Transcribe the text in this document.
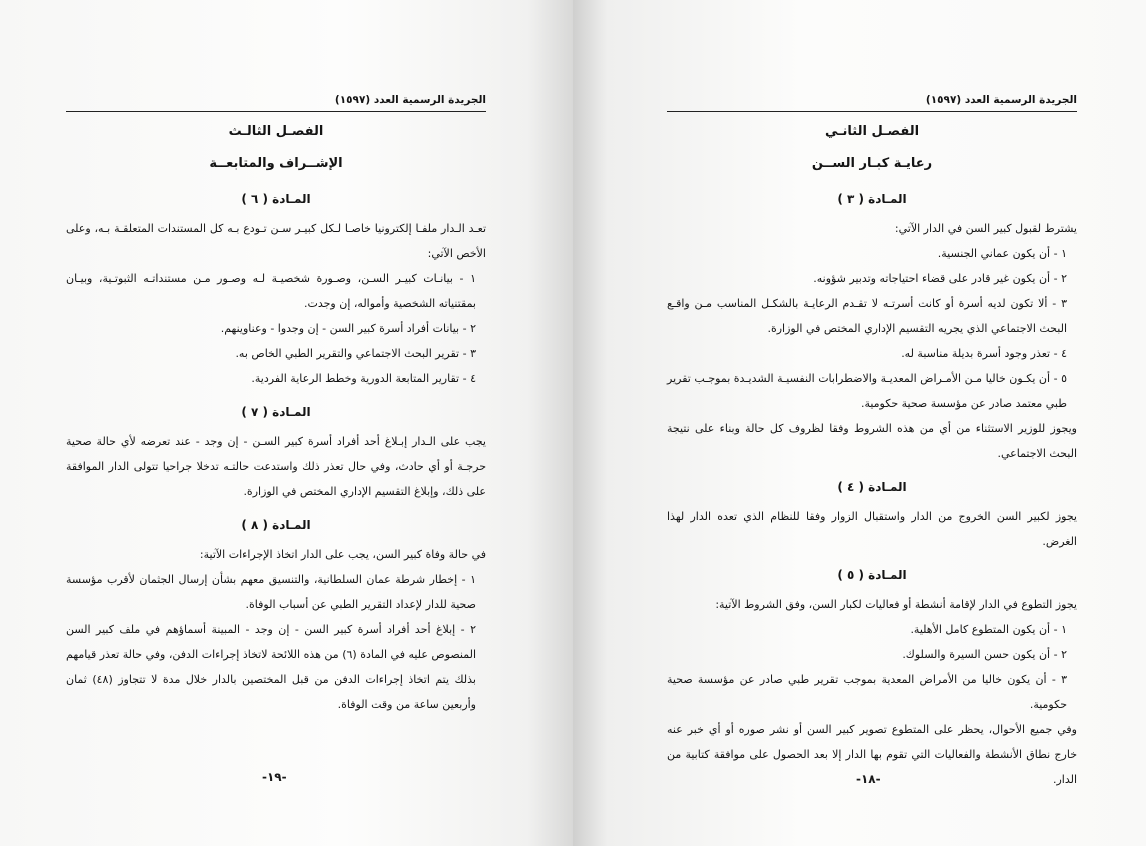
الجريدة الرسمية العدد (١٥٩٧)
الفصـل الثالـث
الإشــراف والمتابعــة
المـادة ( ٦ )

تعـد الـدار ملفـا إلكترونيا خاصـا لـكل كبيـر سـن تـودع بـه كل المستندات المتعلقـة بـه، وعلى الأخص الآتي:

١ - بيانـات كبيـر السـن، وصـورة شخصيـة لـه وصـور مـن مستنداتـه الثبوتـية، وبيـان بمقتنياته الشخصية وأمواله، إن وجدت.

٢ - بيانات أفراد أسرة كبير السن - إن وجدوا - وعناوينهم.

٣ - تقرير البحث الاجتماعي والتقرير الطبي الخاص به.

٤ - تقارير المتابعة الدورية وخطط الرعاية الفردية.

المـادة ( ٧ )

يجب على الـدار إبـلاغ أحد أفراد أسرة كبير السـن - إن وجد - عند تعرضه لأي حالة صحية حرجـة أو أي حادث، وفي حال تعذر ذلك واستدعت حالتـه تدخلا جراحيا تتولى الدار الموافقة على ذلك، وإبلاغ التقسيم الإداري المختص في الوزارة.

المـادة ( ٨ )

في حالة وفاة كبير السن، يجب على الدار اتخاذ الإجراءات الآتية:

١ - إخطار شرطة عمان السلطانية، والتنسيق معهم بشأن إرسال الجثمان لأقرب مؤسسة صحية للدار لإعداد التقرير الطبي عن أسباب الوفاة.

٢ - إبلاغ أحد أفراد أسرة كبير السن - إن وجد - المبينة أسماؤهم في ملف كبير السن المنصوص عليه في المادة (٦) من هذه اللائحة لاتخاذ إجراءات الدفن، وفي حالة تعذر قيامهم بذلك يتم اتخاذ إجراءات الدفن من قبل المختصين بالدار خلال مدة لا تتجاوز (٤٨) ثمان وأربعين ساعة من وقت الوفاة.

-١٩-
الجريدة الرسمية العدد (١٥٩٧)
الفصـل الثانـي
رعايـة كبـار الســن
المـادة ( ٣ )

يشترط لقبول كبير السن في الدار الآتي:

١ - أن يكون عماني الجنسية.

٢ - أن يكون غير قادر على قضاء احتياجاته وتدبير شؤونه.

٣ - ألا تكون لديه أسرة أو كانت أسرتـه لا تقـدم الرعايـة بالشكـل المناسب مـن واقـع البحث الاجتماعي الذي يجريه التقسيم الإداري المختص في الوزارة.

٤ - تعذر وجود أسرة بديلة مناسبة له.

٥ - أن يكـون خاليا مـن الأمـراض المعديـة والاضطرابات النفسيـة الشديـدة بموجـب تقرير طبي معتمد صادر عن مؤسسة صحية حكومية.

ويجوز للوزير الاستثناء من أي من هذه الشروط وفقا لظروف كل حالة وبناء على نتيجة البحث الاجتماعي.

المـادة ( ٤ )

يجوز لكبير السن الخروج من الدار واستقبال الزوار وفقا للنظام الذي تعده الدار لهذا الغرض.

المـادة ( ٥ )

يجوز التطوع في الدار لإقامة أنشطة أو فعاليات لكبار السن، وفق الشروط الآتية:

١ - أن يكون المتطوع كامل الأهلية.

٢ - أن يكون حسن السيرة والسلوك.

٣ - أن يكون خاليا من الأمراض المعدية بموجب تقرير طبي صادر عن مؤسسة صحية حكومية.

وفي جميع الأحوال، يحظر على المتطوع تصوير كبير السن أو نشر صوره أو أي خبر عنه خارج نطاق الأنشطة والفعاليات التي تقوم بها الدار إلا بعد الحصول على موافقة كتابية من الدار.

-١٨-
